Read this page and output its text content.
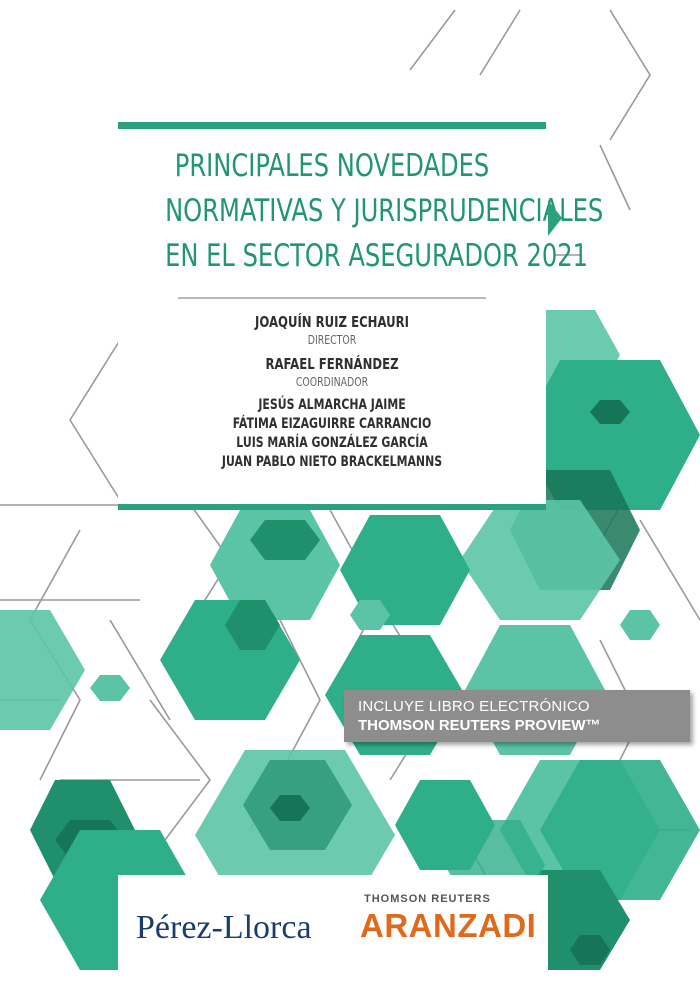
PRINCIPALES NOVEDADES
NORMATIVAS Y JURISPRUDENCIALES
EN EL SECTOR ASEGURADOR 2021
JOAQUÍN RUIZ ECHAURI
DIRECTOR
RAFAEL FERNÁNDEZ
COORDINADOR
JESÚS ALMARCHA JAIME
FÁTIMA EIZAGUIRRE CARRANCIO
LUIS MARÍA GONZÁLEZ GARCÍA
JUAN PABLO NIETO BRACKELMANNS
INCLUYE LIBRO ELECTRÓNICO
THOMSON REUTERS PROVIEW™
Pérez-Llorca
THOMSON REUTERS
ARANZADI
